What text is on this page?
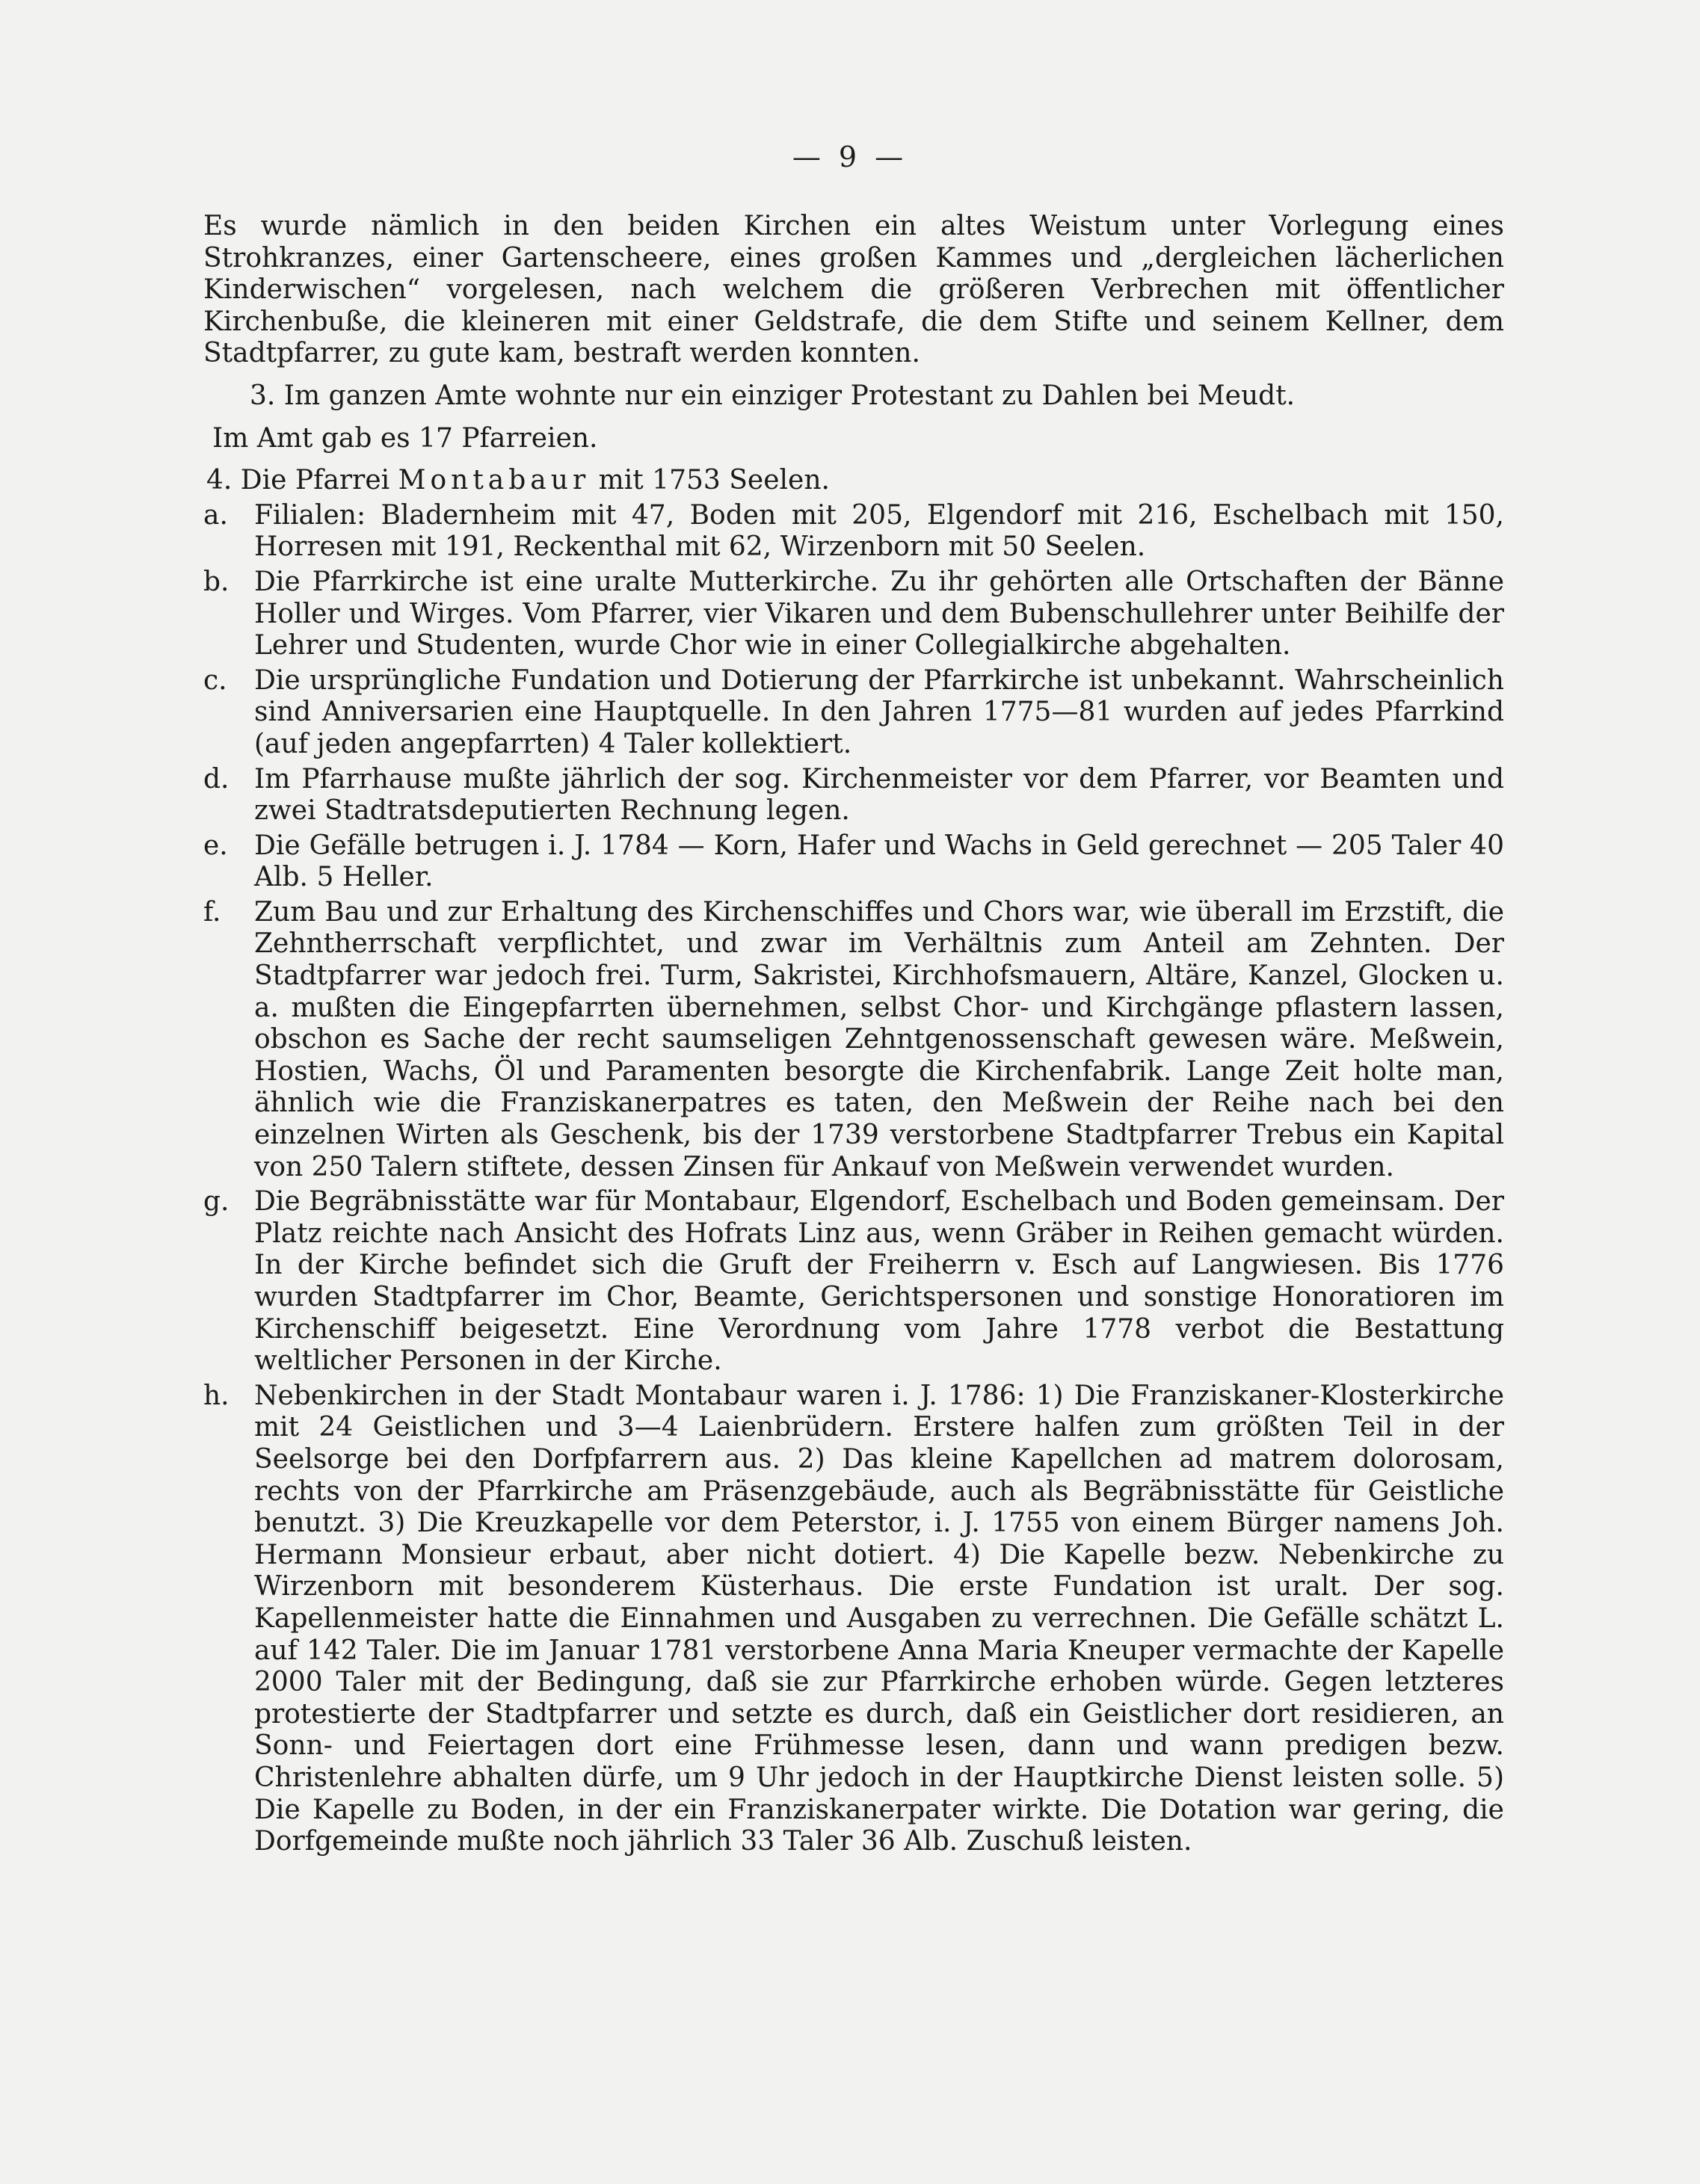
— 9 —

Es wurde nämlich in den beiden Kirchen ein altes Weistum unter Vorlegung eines Strohkranzes, einer Gartenscheere, eines großen Kammes und „dergleichen lächerlichen Kinderwischen“ vorgelesen, nach welchem die größeren Verbrechen mit öffentlicher Kirchenbuße, die kleineren mit einer Geldstrafe, die dem Stifte und seinem Kellner, dem Stadtpfarrer, zu gute kam, bestraft werden konnten.

3. Im ganzen Amte wohnte nur ein einziger Protestant zu Dahlen bei Meudt.

Im Amt gab es 17 Pfarreien.

4. Die Pfarrei Montabaur mit 1753 Seelen.

a. Filialen: Bladernheim mit 47, Boden mit 205, Elgendorf mit 216, Eschelbach mit 150, Horresen mit 191, Reckenthal mit 62, Wirzenborn mit 50 Seelen.
b. Die Pfarrkirche ist eine uralte Mutterkirche. Zu ihr gehörten alle Ortschaften der Bänne Holler und Wirges. Vom Pfarrer, vier Vikaren und dem Bubenschullehrer unter Beihilfe der Lehrer und Studenten, wurde Chor wie in einer Collegialkirche abgehalten.
c. Die ursprüngliche Fundation und Dotierung der Pfarrkirche ist unbekannt. Wahrscheinlich sind Anniversarien eine Hauptquelle. In den Jahren 1775—81 wurden auf jedes Pfarrkind (auf jeden angepfarrten) 4 Taler kollektiert.
d. Im Pfarrhause mußte jährlich der sog. Kirchenmeister vor dem Pfarrer, vor Beamten und zwei Stadtratsdeputierten Rechnung legen.
e. Die Gefälle betrugen i. J. 1784 — Korn, Hafer und Wachs in Geld gerechnet — 205 Taler 40 Alb. 5 Heller.
f. Zum Bau und zur Erhaltung des Kirchenschiffes und Chors war, wie überall im Erzstift, die Zehntherrschaft verpflichtet, und zwar im Verhältnis zum Anteil am Zehnten. Der Stadtpfarrer war jedoch frei. Turm, Sakristei, Kirchhofsmauern, Altäre, Kanzel, Glocken u. a. mußten die Eingepfarrten übernehmen, selbst Chor- und Kirchgänge pflastern lassen, obschon es Sache der recht saumseligen Zehntgenossenschaft gewesen wäre. Meßwein, Hostien, Wachs, Öl und Paramenten besorgte die Kirchenfabrik. Lange Zeit holte man, ähnlich wie die Franziskanerpatres es taten, den Meßwein der Reihe nach bei den einzelnen Wirten als Geschenk, bis der 1739 verstorbene Stadtpfarrer Trebus ein Kapital von 250 Talern stiftete, dessen Zinsen für Ankauf von Meßwein verwendet wurden.
g. Die Begräbnisstätte war für Montabaur, Elgendorf, Eschelbach und Boden gemeinsam. Der Platz reichte nach Ansicht des Hofrats Linz aus, wenn Gräber in Reihen gemacht würden. In der Kirche befindet sich die Gruft der Freiherrn v. Esch auf Langwiesen. Bis 1776 wurden Stadtpfarrer im Chor, Beamte, Gerichtspersonen und sonstige Honoratioren im Kirchenschiff beigesetzt. Eine Verordnung vom Jahre 1778 verbot die Bestattung weltlicher Personen in der Kirche.
h. Nebenkirchen in der Stadt Montabaur waren i. J. 1786: 1) Die Franziskaner-Klosterkirche mit 24 Geistlichen und 3—4 Laienbrüdern. Erstere halfen zum größten Teil in der Seelsorge bei den Dorfpfarrern aus. 2) Das kleine Kapellchen ad matrem dolorosam, rechts von der Pfarrkirche am Präsenzgebäude, auch als Begräbnisstätte für Geistliche benutzt. 3) Die Kreuzkapelle vor dem Peterstor, i. J. 1755 von einem Bürger namens Joh. Hermann Monsieur erbaut, aber nicht dotiert. 4) Die Kapelle bezw. Nebenkirche zu Wirzenborn mit besonderem Küsterhaus. Die erste Fundation ist uralt. Der sog. Kapellenmeister hatte die Einnahmen und Ausgaben zu verrechnen. Die Gefälle schätzt L. auf 142 Taler. Die im Januar 1781 verstorbene Anna Maria Kneuper vermachte der Kapelle 2000 Taler mit der Bedingung, daß sie zur Pfarrkirche erhoben würde. Gegen letzteres protestierte der Stadtpfarrer und setzte es durch, daß ein Geistlicher dort residieren, an Sonn- und Feiertagen dort eine Frühmesse lesen, dann und wann predigen bezw. Christenlehre abhalten dürfe, um 9 Uhr jedoch in der Hauptkirche Dienst leisten solle. 5) Die Kapelle zu Boden, in der ein Franziskanerpater wirkte. Die Dotation war gering, die Dorfgemeinde mußte noch jährlich 33 Taler 36 Alb. Zuschuß leisten.
